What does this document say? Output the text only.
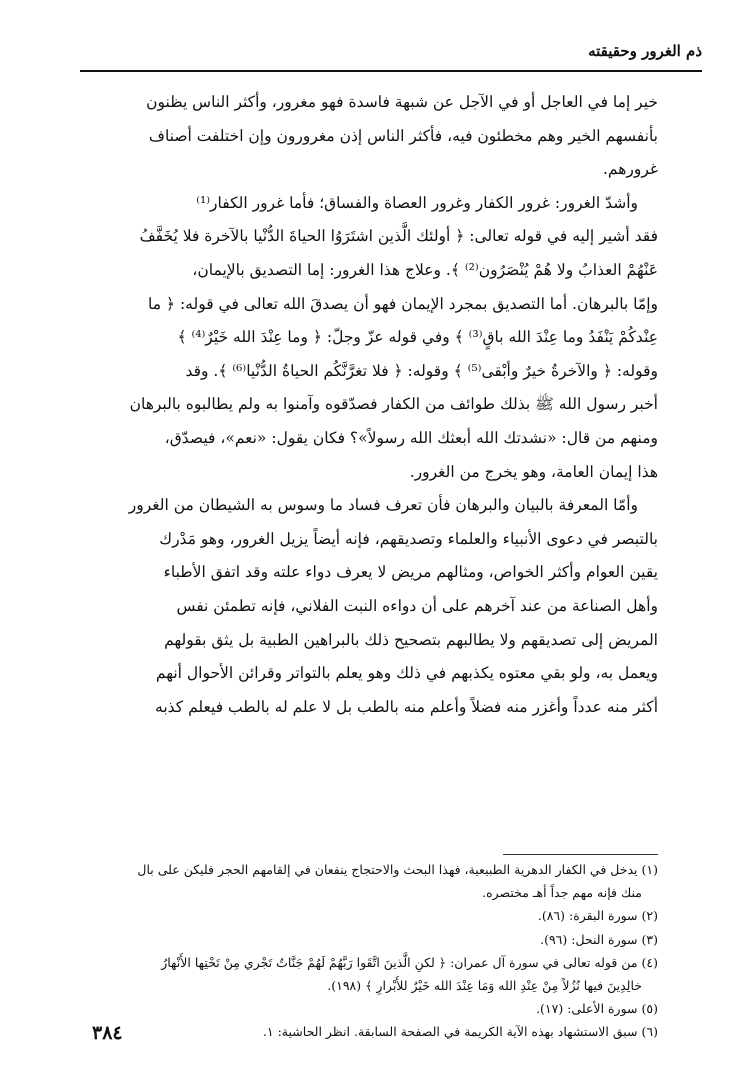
ذم الغرور وحقيقته

خير إما في العاجل أو في الآجل عن شبهة فاسدة فهو مغرور، وأكثر الناس يظنون

بأنفسهم الخير وهم مخطئون فيه، فأكثر الناس إذن مغرورون وإن اختلفت أصناف

غرورهم.

وأشدّ الغرور: غرور الكفار وغرور العصاة والفساق؛ فأما غرور الكفار⁽¹⁾

فقد أشير إليه في قوله تعالى: ﴿ أولئك الَّذين اشتَرَوُا الحياةَ الدُّنْيا بالآخرة فلا يُخَفَّفُ

عَنْهُمْ العذابُ ولا هُمْ يُنْصَرُون⁽²⁾ ﴾. وعلاج هذا الغرور: إما التصديق بالإيمان،

وإمّا بالبرهان. أما التصديق بمجرد الإيمان فهو أن يصدقَ الله تعالى في قوله: ﴿ ما

عِنْدكُمْ يَنْفَدُ وما عِنْدَ الله باقٍ⁽³⁾ ﴾ وفي قوله عزّ وجلّ: ﴿ وما عِنْدَ الله خَيْرٌ⁽⁴⁾ ﴾

وقوله: ﴿ والآخرةُ خيرٌ وأبْقى⁽⁵⁾ ﴾ وقوله: ﴿ فلا تغرَّنَّكُم الحياةُ الدُّنْيا⁽⁶⁾ ﴾. وقد

أخبر رسول الله ﷺ بذلك طوائف من الكفار فصدّقوه وآمنوا به ولم يطالبوه بالبرهان

ومنهم من قال: «نشدتك الله أبعثك الله رسولاً»؟ فكان يقول: «نعم»، فيصدّق،

هذا إيمان العامة، وهو يخرج من الغرور.

وأمّا المعرفة بالبيان والبرهان فأن تعرف فساد ما وسوس به الشيطان من الغرور

بالتبصر في دعوى الأنبياء والعلماء وتصديقهم، فإنه أيضاً يزيل الغرور، وهو مَدْرك

يقين العوام وأكثر الخواص، ومثالهم مريض لا يعرف دواء علته وقد اتفق الأطباء

وأهل الصناعة من عند آخرهم على أن دواءه النبت الفلاني، فإنه تطمئن نفس

المريض إلى تصديقهم ولا يطالبهم بتصحيح ذلك بالبراهين الطبية بل يثق بقولهم

ويعمل به، ولو بقي معتوه يكذبهم في ذلك وهو يعلم بالتواتر وقرائن الأحوال أنهم

أكثر منه عدداً وأغزر منه فضلاً وأعلم منه بالطب بل لا علم له بالطب فيعلم كذبه

(١) يدخل في الكفار الدهرية الطبيعية، فهذا البحث والاحتجاج ينفعان في إلقامهم الحجر فليكن على بال
منك فإنه مهم جداً أهـ مختصره.
(٢) سورة البقرة: (٨٦).
(٣) سورة النحل: (٩٦).
(٤) من قوله تعالى في سورة آل عمران: ﴿ لكنِ الَّذينَ اتَّقَوا رَبَّهُمْ لَهُمْ جَنَّاتٌ تَجْري مِنْ تَحْتِها الأَنْهارُ
خالِدِينَ فيها نُزُلاً مِنْ عِنْدِ الله وَمَا عِنْدَ الله خَيْرٌ للأَبْرارِ ﴾ (١٩٨).
(٥) سورة الأعلى: (١٧).
(٦) سبق الاستشهاد بهذه الآية الكريمة في الصفحة السابقة. انظر الحاشية: ١.
٣٨٤
